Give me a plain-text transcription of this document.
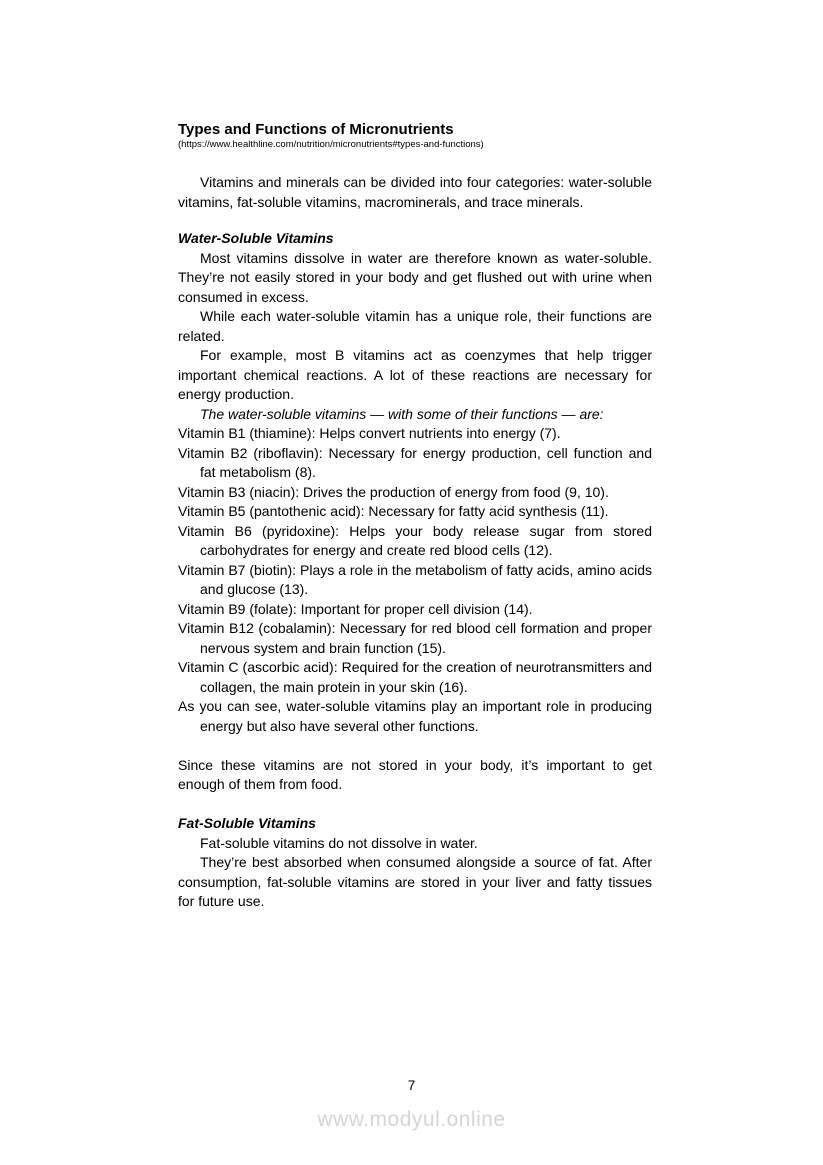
Types and Functions of Micronutrients
(https://www.healthline.com/nutrition/micronutrients#types-and-functions)

Vitamins and minerals can be divided into four categories: water-soluble vitamins, fat-soluble vitamins, macrominerals, and trace minerals.

Water-Soluble Vitamins

Most vitamins dissolve in water are therefore known as water-soluble. They’re not easily stored in your body and get flushed out with urine when consumed in excess.

While each water-soluble vitamin has a unique role, their functions are related.

For example, most B vitamins act as coenzymes that help trigger important chemical reactions. A lot of these reactions are necessary for energy production.

The water-soluble vitamins — with some of their functions — are:

Vitamin B1 (thiamine): Helps convert nutrients into energy (7).

Vitamin B2 (riboflavin): Necessary for energy production, cell function and fat metabolism (8).

Vitamin B3 (niacin): Drives the production of energy from food (9, 10).

Vitamin B5 (pantothenic acid): Necessary for fatty acid synthesis (11).

Vitamin B6 (pyridoxine): Helps your body release sugar from stored carbohydrates for energy and create red blood cells (12).

Vitamin B7 (biotin): Plays a role in the metabolism of fatty acids, amino acids and glucose (13).

Vitamin B9 (folate): Important for proper cell division (14).

Vitamin B12 (cobalamin): Necessary for red blood cell formation and proper nervous system and brain function (15).

Vitamin C (ascorbic acid): Required for the creation of neurotransmitters and collagen, the main protein in your skin (16).

As you can see, water-soluble vitamins play an important role in producing energy but also have several other functions.

Since these vitamins are not stored in your body, it’s important to get enough of them from food.

Fat-Soluble Vitamins

Fat-soluble vitamins do not dissolve in water.

They’re best absorbed when consumed alongside a source of fat. After consumption, fat-soluble vitamins are stored in your liver and fatty tissues for future use.

7
www.modyul.online
